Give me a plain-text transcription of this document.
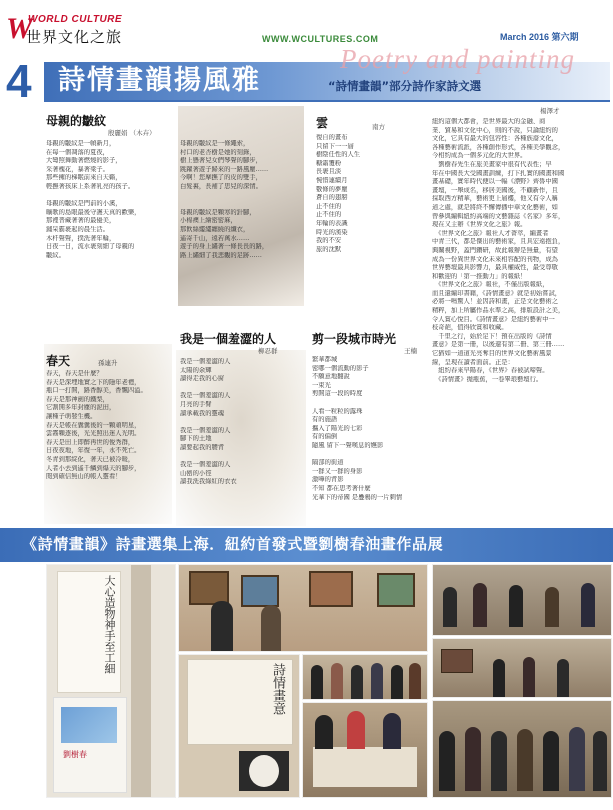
W
WORLD CULTURE
世界文化之旅	WWW.WCULTURES.COM	March 2016 第六期
Poetry and painting
4 詩情畫韻揚風雅	“詩情畫韻”部分詩作家詩文選
母親的皺紋
殷麗娟 （木卉）
母親的皺紋是一幀新月，
在每一個凋落的夏夜，
大彎照舞動著燃燒的影子，
采著槐花，暴著梁子。
那些擁的梯眠前來自天籟，
輕撫著孩床上系著乳亮的孩子。
母親的皺紋是門前的小溪，
曠歌的島眼最後守護天真的歡樂，
那裡普藏著著的最優美，
鋪呆霸裹起的晨生活。
木杆聲聲，撲洗著年輪，
日夜一日，流水裹刻細了母親的
皺紋。
母親的皺紋是一條繩索，
村口的老杏樹是她的刻錄，
樹上懸著兒女們琴聲的腳步，
跳躍著遊子歸來的一路風塵……
今啊！您摩撫了的皮的雙手，
白髮裏，長補了思兒的深情。
母親的皺紋是顆寒的針腳，
小棉襖上繪密密麻，
那飲絲縷縷纏繞的纖衣，
遙寄千山，遠若萬水……
遊子的身上繡著一條長長的路，
路上繡細了我悲觀的足跡……
雲	南方
復自的畫布
只留下一一層
樹陰任性的人生
糖霜覆粉
長裹且淡
惋惜連續月
數條的夢塵
蒼自的翅膀
止不住的
止不住的
年輪的表識
時光的漢染
我的不安
旅的沈默
楊澤才
紐約這個大都會，是世界最大的金融、商
業、貿易和文化中心，則的不說，只論紐約的
文化，它具有最大的包容性：各種族裔文化，
各種藝術流派，各種創作形式，各種美學觀念，
今相約成為一個多元化的大世界。
　劉樹春先生在旅美畫家中很有代表性；早
年在中國長大受國畫訓練，打下扎實的國畫和國
畫基礎，實年時代便以一幅《漂野》齊魯中國
畫壇，一舉成名，移居美國後，不顧新作，且
採取西方精華，藝術更上層樓，他又有令人稱
道之處，就是將終不懈傳播中華文化藝術，如
曾參與編輯紐約高端的文藝雜誌《名家》多年，
現在又主辦《世界文化之旅》報。
　《世界文化之旅》報社人才薈萃，編畫者
中青三代，都是傑出的藝術家，且具宏遠抱負，
興關視野，蓋門鑽研，故此報辦是無量，有望
成為一份異世界文化未來相容配的刊物，成為
世界藝壇最具影響力，最具權威性，最受尊敬
和歡迎的「第一推動力」的報紙！
　《世界文化之旅》報社，不僅出版報紙，
而且還編印書籍，《詩情畫意》就是初始嘗試，
必將一鳴驚人！並因詩和畫，正是文化藝術之
精粹，加上所屬作品水準之高，排版設計之美，
令人賞心悅目。《詩情畫意》是紐約藝術中一
枝奇葩，值得欣賞和收藏。
　千里之行，始於足下！預在出版的《詩情
畫意》是第一冊，以後還有第二冊、第三冊……
它猶如一道道光亮奪目的世界文化藝術風景
線，呈現在讀者面前。正是：
　紐約春來早陽春，《世界》春被試啼聲。
　《詩情畫》拋瓶蕉，一卷畢琅藝壇行。
春天	孫連升
春天，春天是什麼？
春天是深埋地實之下的隱年老禮，
瓶口一打開，路香醇美，香飄四溢。
春天是那神劍的鐵梨，
它割開多年封塵的泥田，
讓種子萌發生機。
春天是帳在囊囊後的一顆頑明星，
雲霧顆逐後，光光照出迷人光明。
春天是田上即醉再世的俊秀群，
日夜夜地，年復一年，永不死亡。
冬青到那綻化，著天已被冷暖，
人者小去到遙千鱗到爆天的腳步，
閱到確信無山的帳人靈看！
我是一個羞澀的人
柳忍群
我是一個羞澀的人
太陽的余輝
讀得走我的心窗
我是一個羞澀的人
月亮的手臂
讀承載我的靈魂
我是一個羞澀的人
腳下的土地
讀要起我的腰背
我是一個羞澀的人
山巒的小徑
讀我洗我綠紅的衣衣
剪一段城市時光
王楠
繁華都城
密哪一個流動的影子
不願意地翻說
一束光
剪開這一段的時度
人看一粒粒的露珠
有的施語
攜入了陽光的七彩
有的偏倒
隨風 留下一聲嘆息的嫵影
隔部的街道
一群又一群的身影
激嘩的背影
不知 都在思考著什麼
光華下的帝國 是疊鴉的一片刺情
《詩情畫韻》詩畫選集上海．紐約首發式暨劉樹春油畫作品展
大心造物神手至工細
劉樹春
詩情畫意
